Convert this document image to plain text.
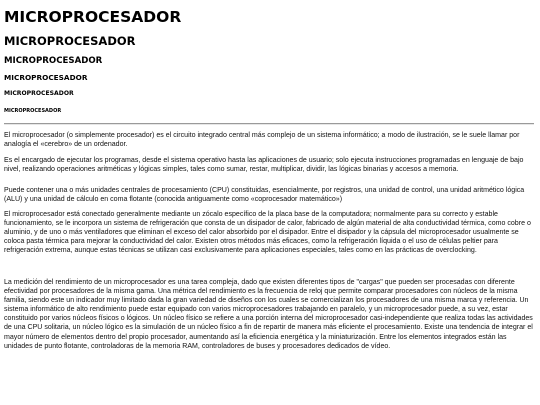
MICROPROCESADOR
MICROPROCESADOR
MICROPROCESADOR
MICROPROCESADOR
MICROPROCESADOR
MICROPROCESADOR

El microprocesador (o simplemente procesador) es el circuito integrado central más complejo de un sistema informático; a modo de ilustración, se le suele llamar por analogía el «cerebro» de un ordenador.

Es el encargado de ejecutar los programas, desde el sistema operativo hasta las aplicaciones de usuario; solo ejecuta instrucciones programadas en lenguaje de bajo nivel, realizando operaciones aritméticas y lógicas simples, tales como sumar, restar, multiplicar, dividir, las lógicas binarias y accesos a memoria.

Puede contener una o más unidades centrales de procesamiento (CPU) constituidas, esencialmente, por registros, una unidad de control, una unidad aritmético lógica (ALU) y una unidad de cálculo en coma flotante (conocida antiguamente como «coprocesador matemático»)

El microprocesador está conectado generalmente mediante un zócalo específico de la placa base de la computadora; normalmente para su correcto y estable funcionamiento, se le incorpora un sistema de refrigeración que consta de un disipador de calor, fabricado de algún material de alta conductividad térmica, como cobre o aluminio, y de uno o más ventiladores que eliminan el exceso del calor absorbido por el disipador. Entre el disipador y la cápsula del microprocesador usualmente se coloca pasta térmica para mejorar la conductividad del calor. Existen otros métodos más eficaces, como la refrigeración líquida o el uso de células peltier para refrigeración extrema, aunque estas técnicas se utilizan casi exclusivamente para aplicaciones especiales, tales como en las prácticas de overclocking.

La medición del rendimiento de un microprocesador es una tarea compleja, dado que existen diferentes tipos de "cargas" que pueden ser procesadas con diferente efectividad por procesadores de la misma gama. Una métrica del rendimiento es la frecuencia de reloj que permite comparar procesadores con núcleos de la misma familia, siendo este un indicador muy limitado dada la gran variedad de diseños con los cuales se comercializan los procesadores de una misma marca y referencia. Un sistema informático de alto rendimiento puede estar equipado con varios microprocesadores trabajando en paralelo, y un microprocesador puede, a su vez, estar constituido por varios núcleos físicos o lógicos. Un núcleo físico se refiere a una porción interna del microprocesador casi-independiente que realiza todas las actividades de una CPU solitaria, un núcleo lógico es la simulación de un núcleo físico a fin de repartir de manera más eficiente el procesamiento. Existe una tendencia de integrar el mayor número de elementos dentro del propio procesador, aumentando así la eficiencia energética y la miniaturización. Entre los elementos integrados están las unidades de punto flotante, controladoras de la memoria RAM, controladores de buses y procesadores dedicados de vídeo.
